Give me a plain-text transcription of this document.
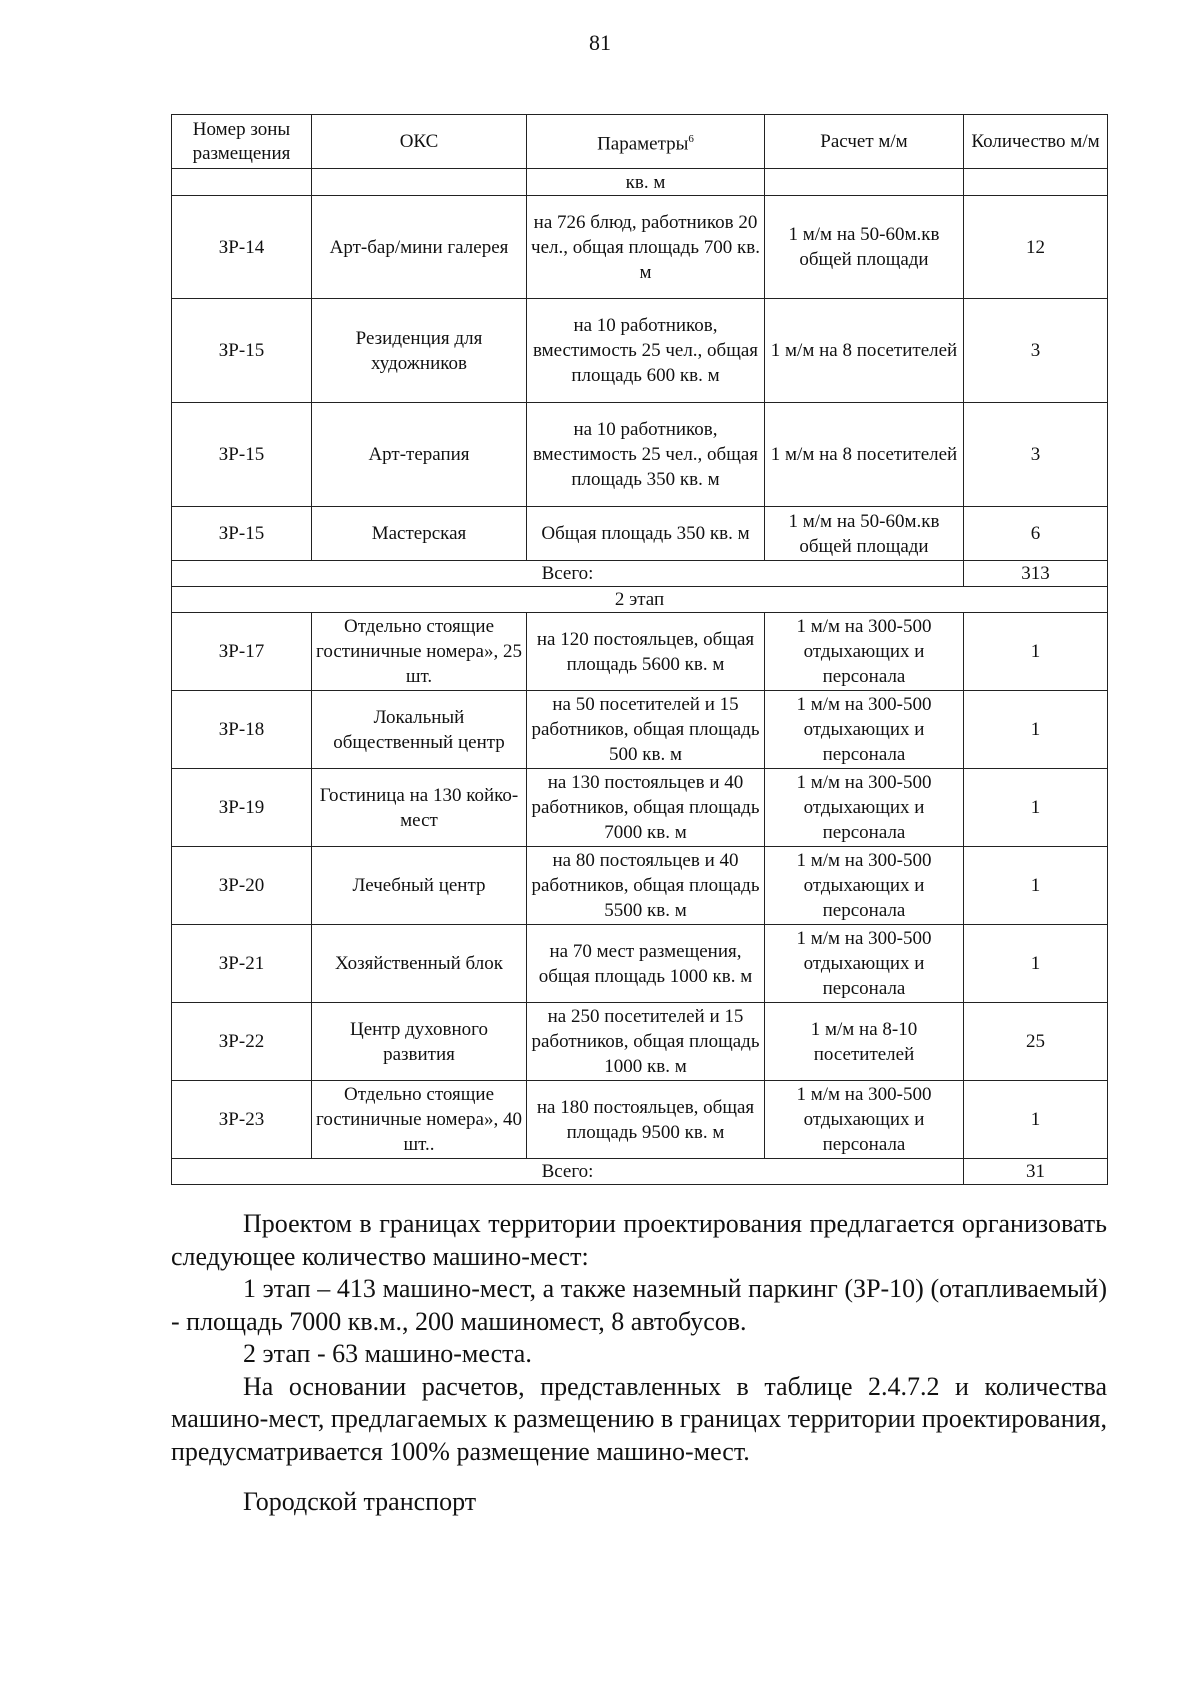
81
Номер зоны размещения	ОКС	Параметры$^6$	Расчет м/м	Количество м/м
		кв. м		
ЗР-14	Арт-бар/мини галерея	на 726 блюд, работников 20 чел., общая площадь 700 кв. м	1 м/м на 50-60м.кв общей площади	12
ЗР-15	Резиденция для художников	на 10 работников, вместимость 25 чел., общая площадь 600 кв. м	1 м/м на 8 посетителей	3
ЗР-15	Арт-терапия	на 10 работников, вместимость 25 чел., общая площадь 350 кв. м	1 м/м на 8 посетителей	3
ЗР-15	Мастерская	Общая площадь 350 кв. м	1 м/м на 50-60м.кв общей площади	6
Всего:				313
2 этап				
ЗР-17	Отдельно стоящие гостиничные номера», 25 шт.	на 120 постояльцев, общая площадь 5600 кв. м	1 м/м на 300-500 отдыхающих и персонала	1
ЗР-18	Локальный общественный центр	на 50 посетителей и 15 работников, общая площадь 500 кв. м	1 м/м на 300-500 отдыхающих и персонала	1
ЗР-19	Гостиница на 130 койко-мест	на 130 постояльцев и 40 работников, общая площадь 7000 кв. м	1 м/м на 300-500 отдыхающих и персонала	1
ЗР-20	Лечебный центр	на 80 постояльцев и 40 работников, общая площадь 5500 кв. м	1 м/м на 300-500 отдыхающих и персонала	1
ЗР-21	Хозяйственный блок	на 70 мест размещения, общая площадь 1000 кв. м	1 м/м на 300-500 отдыхающих и персонала	1
ЗР-22	Центр духовного развития	на 250 посетителей и 15 работников, общая площадь 1000 кв. м	1 м/м на 8-10 посетителей	25
ЗР-23	Отдельно стоящие гостиничные номера», 40 шт..	на 180 постояльцев, общая площадь 9500 кв. м	1 м/м на 300-500 отдыхающих и персонала	1
Всего:				31

Проектом в границах территории проектирования предлагается организовать следующее количество машино-мест:

1 этап – 413 машино-мест, а также наземный паркинг (ЗР-10) (отапливаемый) - площадь 7000 кв.м., 200 машиномест, 8 автобусов.

2 этап - 63 машино-места.

На основании расчетов, представленных в таблице 2.4.7.2 и количества машино-мест, предлагаемых к размещению в границах территории проектирования, предусматривается 100% размещение машино-мест.

Городской транспорт
